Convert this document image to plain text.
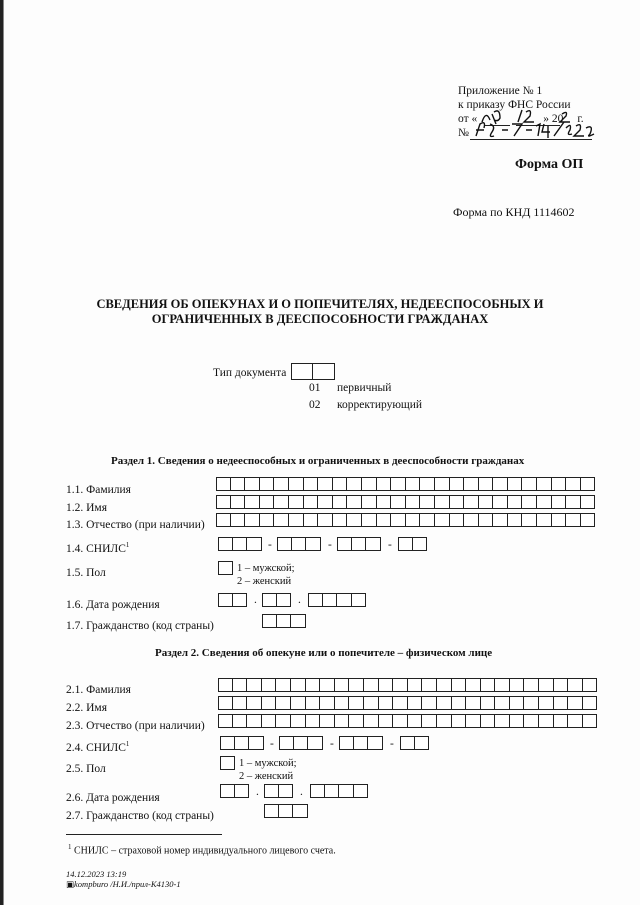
Приложение № 1
к приказу ФНС России
от «	» 20 г.
№
Форма ОП
Форма по КНД 1114602
СВЕДЕНИЯ ОБ ОПЕКУНАХ И О ПОПЕЧИТЕЛЯХ, НЕДЕЕСПОСОБНЫХ И
ОГРАНИЧЕННЫХ В ДЕЕСПОСОБНОСТИ ГРАЖДАНАХ
Тип документа
01 первичный
02 корректирующий
Раздел 1. Сведения о недееспособных и ограниченных в дееспособности гражданах
1.1. Фамилия
1.2. Имя
1.3. Отчество (при наличии)
1.4. СНИЛС$^1$	-	-	-
1.5. Пол	1 – мужской;
2 – женский
1.6. Дата рождения	.	.
1.7. Гражданство (код страны)
Раздел 2. Сведения об опекуне или о попечителе – физическом лице
2.1. Фамилия
2.2. Имя
2.3. Отчество (при наличии)
2.4. СНИЛС$^1$	-	-	-
2.5. Пол	1 – мужской;
2 – женский
2.6. Дата рождения	.	.
2.7. Гражданство (код страны)
$^1$ СНИЛС – страховой номер индивидуального лицевого счета.
14.12.2023 13:19
▣kompburo /Н.И./прил-К4130-1
